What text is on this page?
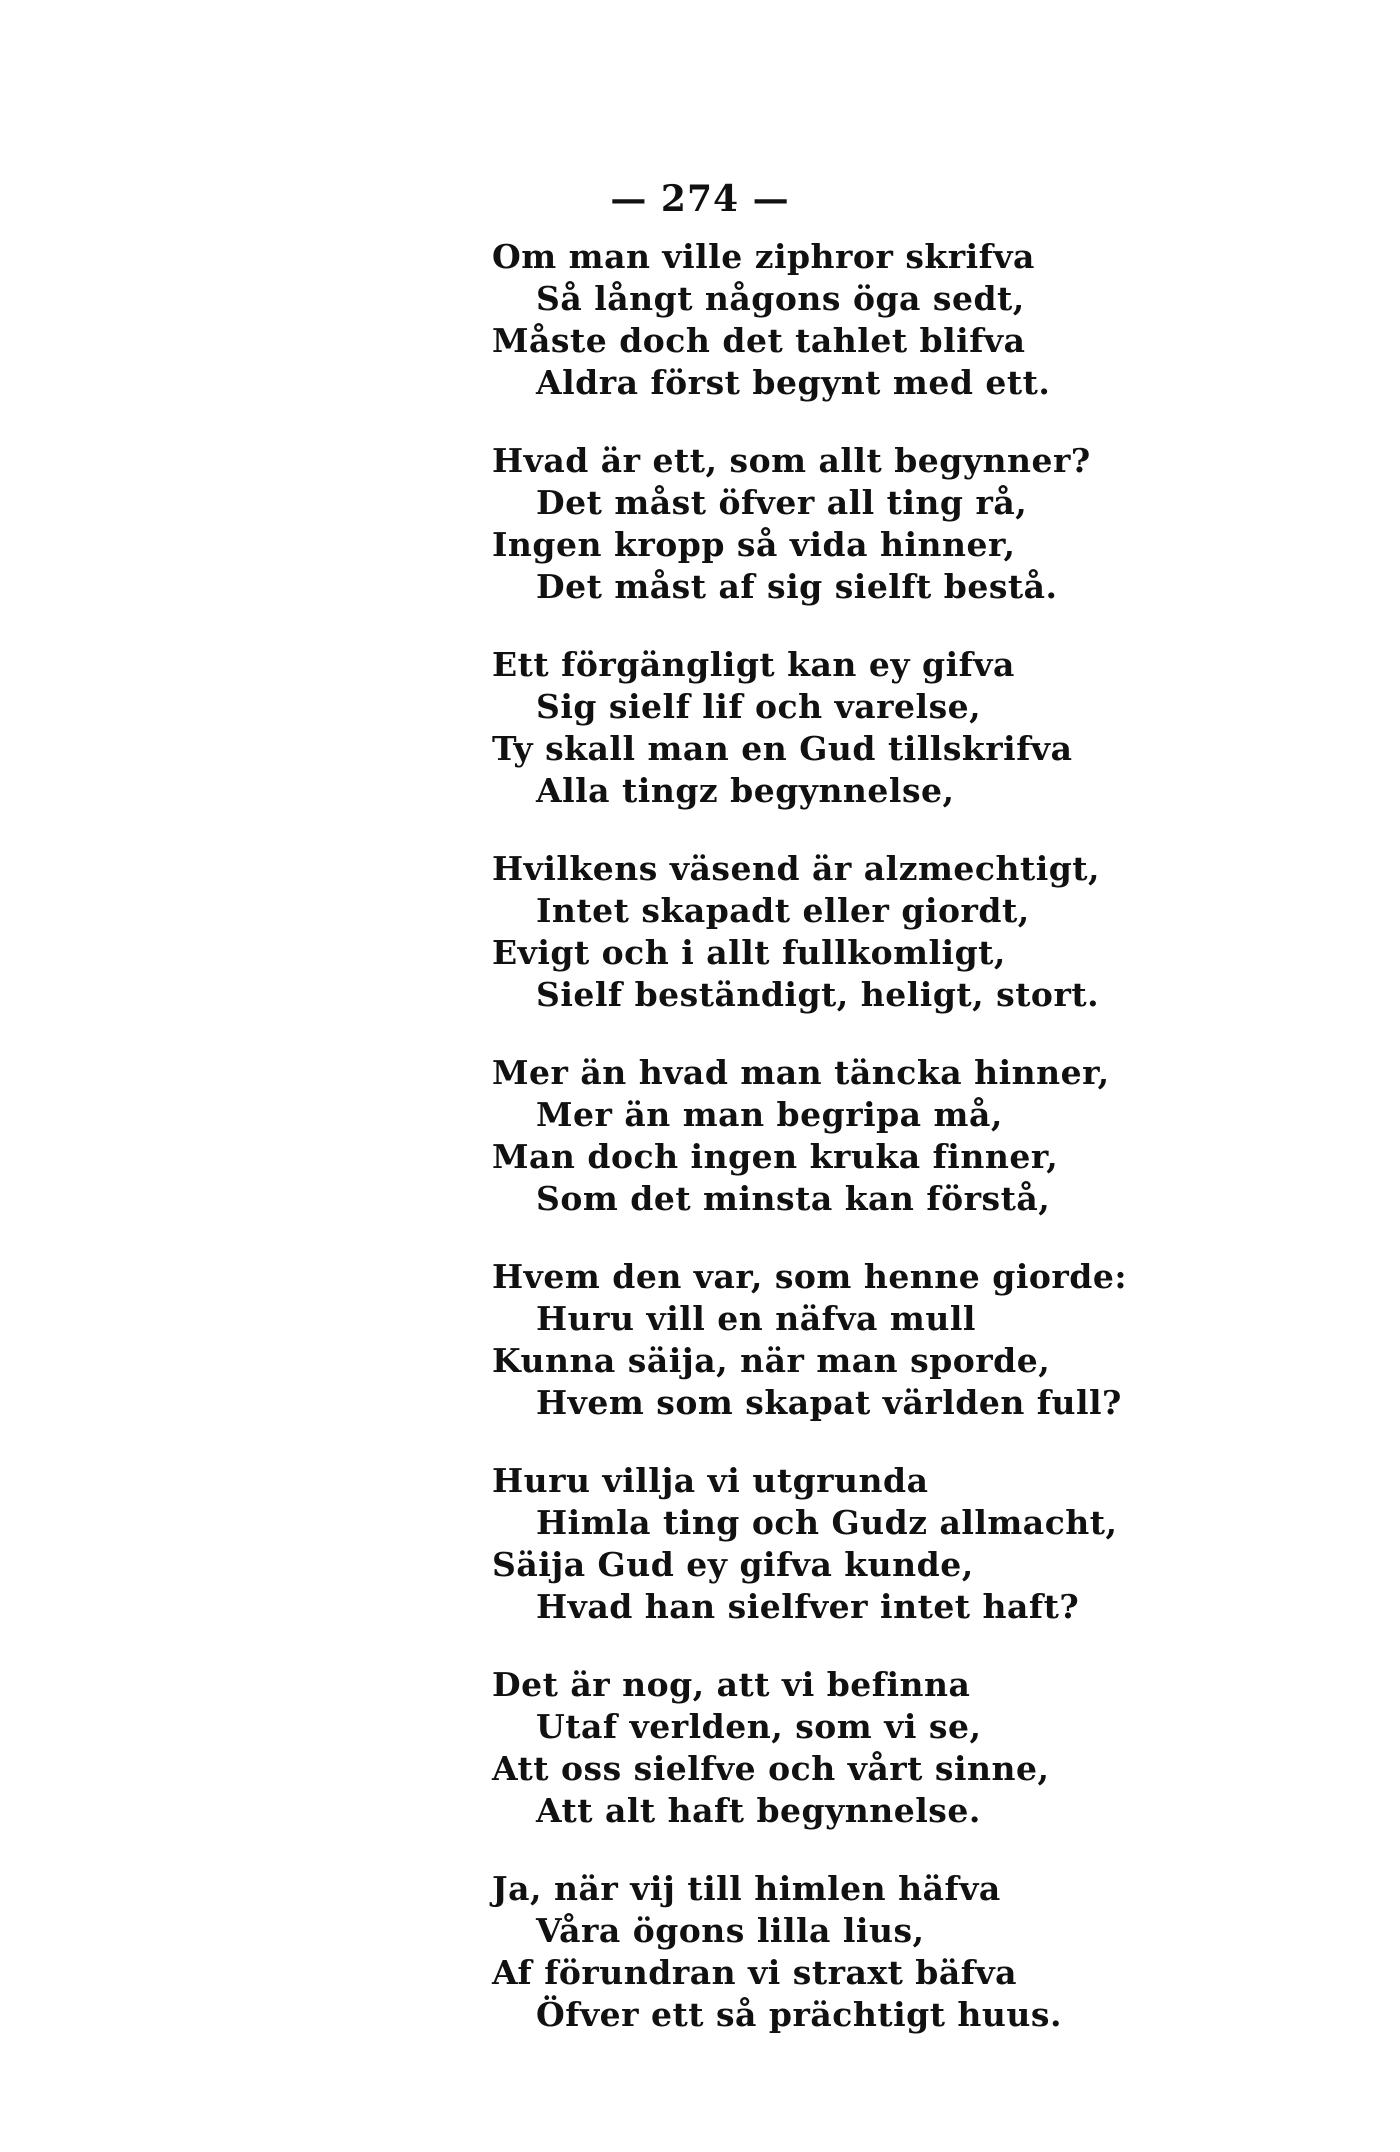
— 274 —
Om man ville ziphror skrifva
Så långt någons öga sedt,
Måste doch det tahlet blifva
Aldra först begynt med ett.
Hvad är ett, som allt begynner?
Det måst öfver all ting rå,
Ingen kropp så vida hinner,
Det måst af sig sielft bestå.
Ett förgängligt kan ey gifva
Sig sielf lif och varelse,
Ty skall man en Gud tillskrifva
Alla tingz begynnelse,
Hvilkens väsend är alzmechtigt,
Intet skapadt eller giordt,
Evigt och i allt fullkomligt,
Sielf beständigt, heligt, stort.
Mer än hvad man täncka hinner,
Mer än man begripa må,
Man doch ingen kruka finner,
Som det minsta kan förstå,
Hvem den var, som henne giorde:
Huru vill en näfva mull
Kunna säija, när man sporde,
Hvem som skapat världen full?
Huru villja vi utgrunda
Himla ting och Gudz allmacht,
Säija Gud ey gifva kunde,
Hvad han sielfver intet haft?
Det är nog, att vi befinna
Utaf verlden, som vi se,
Att oss sielfve och vårt sinne,
Att alt haft begynnelse.
Ja, när vij till himlen häfva
Våra ögons lilla lius,
Af förundran vi straxt bäfva
Öfver ett så prächtigt huus.
